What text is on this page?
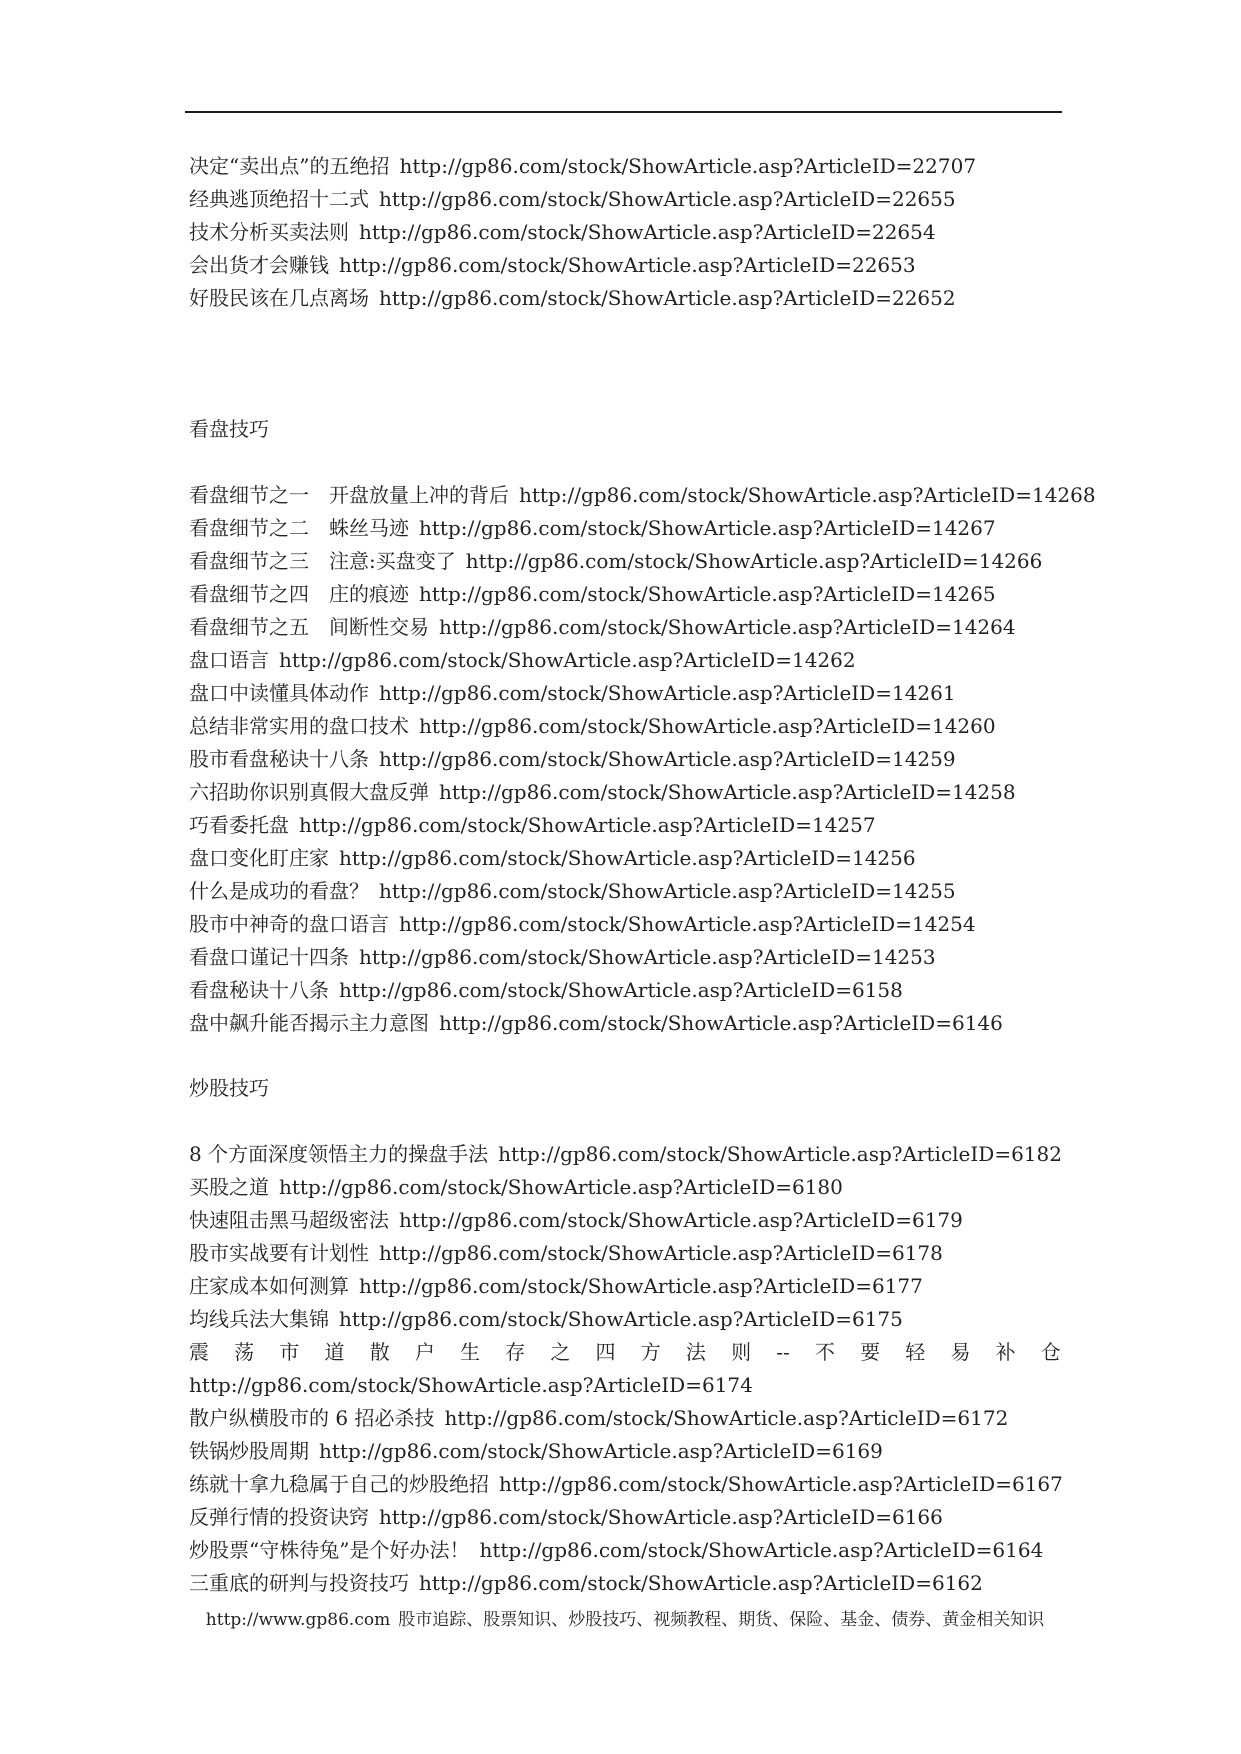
决定“卖出点”的五绝招 http://gp86.com/stock/ShowArticle.asp?ArticleID=22707
经典逃顶绝招十二式 http://gp86.com/stock/ShowArticle.asp?ArticleID=22655
技术分析买卖法则 http://gp86.com/stock/ShowArticle.asp?ArticleID=22654
会出货才会赚钱 http://gp86.com/stock/ShowArticle.asp?ArticleID=22653
好股民该在几点离场 http://gp86.com/stock/ShowArticle.asp?ArticleID=22652
看盘技巧
看盘细节之一　开盘放量上冲的背后 http://gp86.com/stock/ShowArticle.asp?ArticleID=14268
看盘细节之二　蛛丝马迹 http://gp86.com/stock/ShowArticle.asp?ArticleID=14267
看盘细节之三　注意:买盘变了 http://gp86.com/stock/ShowArticle.asp?ArticleID=14266
看盘细节之四　庄的痕迹 http://gp86.com/stock/ShowArticle.asp?ArticleID=14265
看盘细节之五　间断性交易 http://gp86.com/stock/ShowArticle.asp?ArticleID=14264
盘口语言 http://gp86.com/stock/ShowArticle.asp?ArticleID=14262
盘口中读懂具体动作 http://gp86.com/stock/ShowArticle.asp?ArticleID=14261
总结非常实用的盘口技术 http://gp86.com/stock/ShowArticle.asp?ArticleID=14260
股市看盘秘诀十八条 http://gp86.com/stock/ShowArticle.asp?ArticleID=14259
六招助你识别真假大盘反弹 http://gp86.com/stock/ShowArticle.asp?ArticleID=14258
巧看委托盘 http://gp86.com/stock/ShowArticle.asp?ArticleID=14257
盘口变化盯庄家 http://gp86.com/stock/ShowArticle.asp?ArticleID=14256
什么是成功的看盘？ http://gp86.com/stock/ShowArticle.asp?ArticleID=14255
股市中神奇的盘口语言 http://gp86.com/stock/ShowArticle.asp?ArticleID=14254
看盘口谨记十四条 http://gp86.com/stock/ShowArticle.asp?ArticleID=14253
看盘秘诀十八条 http://gp86.com/stock/ShowArticle.asp?ArticleID=6158
盘中飙升能否揭示主力意图 http://gp86.com/stock/ShowArticle.asp?ArticleID=6146
炒股技巧
8 个方面深度领悟主力的操盘手法 http://gp86.com/stock/ShowArticle.asp?ArticleID=6182
买股之道 http://gp86.com/stock/ShowArticle.asp?ArticleID=6180
快速阻击黑马超级密法 http://gp86.com/stock/ShowArticle.asp?ArticleID=6179
股市实战要有计划性 http://gp86.com/stock/ShowArticle.asp?ArticleID=6178
庄家成本如何测算 http://gp86.com/stock/ShowArticle.asp?ArticleID=6177
均线兵法大集锦 http://gp86.com/stock/ShowArticle.asp?ArticleID=6175
震 荡 市 道 散 户 生 存 之 四 方 法 则 -- 不 要 轻 易 补 仓
http://gp86.com/stock/ShowArticle.asp?ArticleID=6174
散户纵横股市的 6 招必杀技 http://gp86.com/stock/ShowArticle.asp?ArticleID=6172
铁锅炒股周期 http://gp86.com/stock/ShowArticle.asp?ArticleID=6169
练就十拿九稳属于自己的炒股绝招 http://gp86.com/stock/ShowArticle.asp?ArticleID=6167
反弹行情的投资诀窍 http://gp86.com/stock/ShowArticle.asp?ArticleID=6166
炒股票“守株待兔”是个好办法！ http://gp86.com/stock/ShowArticle.asp?ArticleID=6164
三重底的研判与投资技巧 http://gp86.com/stock/ShowArticle.asp?ArticleID=6162
http://www.gp86.com 股市追踪、股票知识、炒股技巧、视频教程、期货、保险、基金、债券、黄金相关知识
